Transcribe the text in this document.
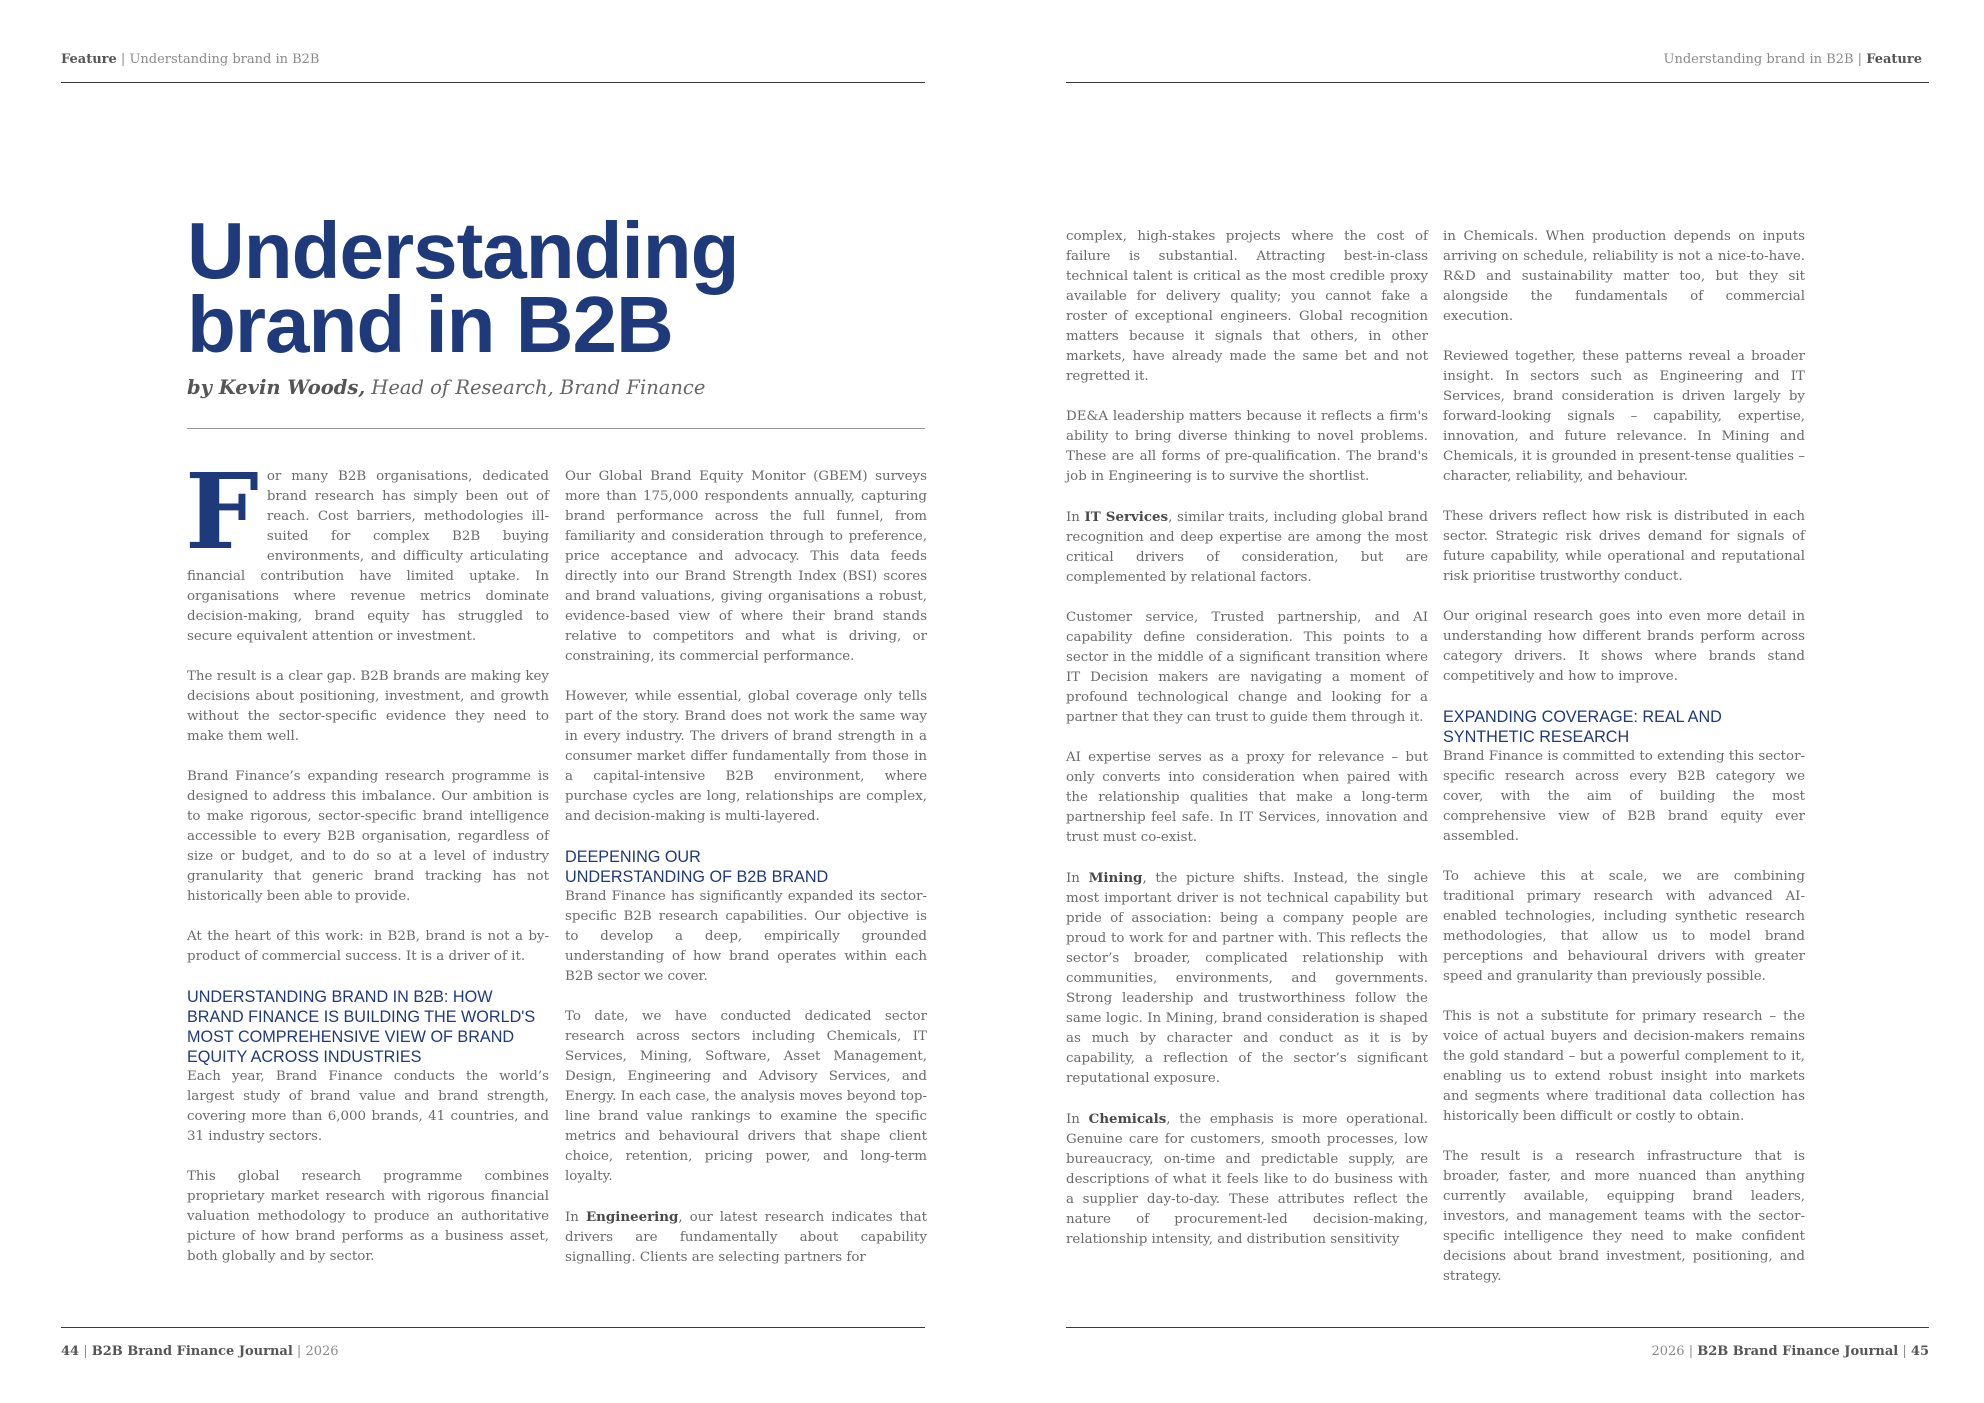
Feature | Understanding brand in B2B	Understanding brand in B2B | Feature
Understanding
brand in B2B
by Kevin Woods, Head of Research, Brand Finance

For many B2B organisations, dedicated brand research has simply been out of reach. Cost barriers, methodologies ill-suited for complex B2B buying environments, and difficulty articulating financial contribution have limited uptake. In organisations where revenue metrics dominate decision-making, brand equity has struggled to secure equivalent attention or investment.

The result is a clear gap. B2B brands are making key decisions about positioning, investment, and growth without the sector-specific evidence they need to make them well.

Brand Finance’s expanding research programme is designed to address this imbalance. Our ambition is to make rigorous, sector-specific brand intelligence accessible to every B2B organisation, regardless of size or budget, and to do so at a level of industry granularity that generic brand tracking has not historically been able to provide.

At the heart of this work: in B2B, brand is not a by-product of commercial success. It is a driver of it.

UNDERSTANDING BRAND IN B2B: HOW BRAND FINANCE IS BUILDING THE WORLD'S MOST COMPREHENSIVE VIEW OF BRAND EQUITY ACROSS INDUSTRIES

Each year, Brand Finance conducts the world’s largest study of brand value and brand strength, covering more than 6,000 brands, 41 countries, and 31 industry sectors.

This global research programme combines proprietary market research with rigorous financial valuation methodology to produce an authoritative picture of how brand performs as a business asset, both globally and by sector.

Our Global Brand Equity Monitor (GBEM) surveys more than 175,000 respondents annually, capturing brand performance across the full funnel, from familiarity and consideration through to preference, price acceptance and advocacy. This data feeds directly into our Brand Strength Index (BSI) scores and brand valuations, giving organisations a robust, evidence-based view of where their brand stands relative to competitors and what is driving, or constraining, its commercial performance.

However, while essential, global coverage only tells part of the story. Brand does not work the same way in every industry. The drivers of brand strength in a consumer market differ fundamentally from those in a capital-intensive B2B environment, where purchase cycles are long, relationships are complex, and decision-making is multi-layered.

DEEPENING OUR
UNDERSTANDING OF B2B BRAND

Brand Finance has significantly expanded its sector-specific B2B research capabilities. Our objective is to develop a deep, empirically grounded understanding of how brand operates within each B2B sector we cover.

To date, we have conducted dedicated sector research across sectors including Chemicals, IT Services, Mining, Software, Asset Management, Design, Engineering and Advisory Services, and Energy. In each case, the analysis moves beyond top-line brand value rankings to examine the specific metrics and behavioural drivers that shape client choice, retention, pricing power, and long-term loyalty.

In Engineering, our latest research indicates that drivers are fundamentally about capability signalling. Clients are selecting partners for

complex, high-stakes projects where the cost of failure is substantial. Attracting best-in-class technical talent is critical as the most credible proxy available for delivery quality; you cannot fake a roster of exceptional engineers. Global recognition matters because it signals that others, in other markets, have already made the same bet and not regretted it.

DE&A leadership matters because it reflects a firm's ability to bring diverse thinking to novel problems. These are all forms of pre-qualification. The brand's job in Engineering is to survive the shortlist.

In IT Services, similar traits, including global brand recognition and deep expertise are among the most critical drivers of consideration, but are complemented by relational factors.

Customer service, Trusted partnership, and AI capability define consideration. This points to a sector in the middle of a significant transition where IT Decision makers are navigating a moment of profound technological change and looking for a partner that they can trust to guide them through it.

AI expertise serves as a proxy for relevance – but only converts into consideration when paired with the relationship qualities that make a long-term partnership feel safe. In IT Services, innovation and trust must co-exist.

In Mining, the picture shifts. Instead, the single most important driver is not technical capability but pride of association: being a company people are proud to work for and partner with. This reflects the sector’s broader, complicated relationship with communities, environments, and governments. Strong leadership and trustworthiness follow the same logic. In Mining, brand consideration is shaped as much by character and conduct as it is by capability, a reflection of the sector’s significant reputational exposure.

In Chemicals, the emphasis is more operational. Genuine care for customers, smooth processes, low bureaucracy, on-time and predictable supply, are descriptions of what it feels like to do business with a supplier day-to-day. These attributes reflect the nature of procurement-led decision-making, relationship intensity, and distribution sensitivity

in Chemicals. When production depends on inputs arriving on schedule, reliability is not a nice-to-have. R&D and sustainability matter too, but they sit alongside the fundamentals of commercial execution.

Reviewed together, these patterns reveal a broader insight. In sectors such as Engineering and IT Services, brand consideration is driven largely by forward-looking signals – capability, expertise, innovation, and future relevance. In Mining and Chemicals, it is grounded in present-tense qualities – character, reliability, and behaviour.

These drivers reflect how risk is distributed in each sector. Strategic risk drives demand for signals of future capability, while operational and reputational risk prioritise trustworthy conduct.

Our original research goes into even more detail in understanding how different brands perform across category drivers. It shows where brands stand competitively and how to improve.

EXPANDING COVERAGE: REAL AND SYNTHETIC RESEARCH

Brand Finance is committed to extending this sector-specific research across every B2B category we cover, with the aim of building the most comprehensive view of B2B brand equity ever assembled.

To achieve this at scale, we are combining traditional primary research with advanced AI-enabled technologies, including synthetic research methodologies, that allow us to model brand perceptions and behavioural drivers with greater speed and granularity than previously possible.

This is not a substitute for primary research – the voice of actual buyers and decision-makers remains the gold standard – but a powerful complement to it, enabling us to extend robust insight into markets and segments where traditional data collection has historically been difficult or costly to obtain.

The result is a research infrastructure that is broader, faster, and more nuanced than anything currently available, equipping brand leaders, investors, and management teams with the sector-specific intelligence they need to make confident decisions about brand investment, positioning, and strategy.

44 | B2B Brand Finance Journal | 2026	2026 | B2B Brand Finance Journal | 45
